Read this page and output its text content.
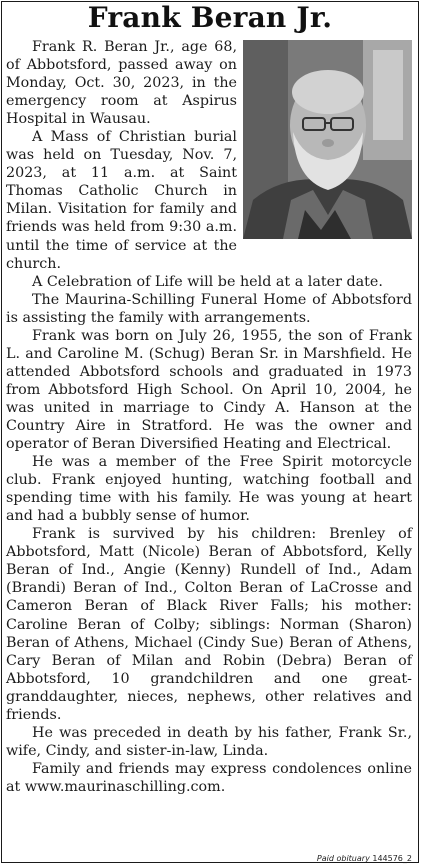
Frank Beran Jr.

Frank R. Beran Jr., age 68, of Abbotsford, passed away on Monday, Oct. 30, 2023, in the emergency room at Aspirus Hospital in Wausau.

A Mass of Christian burial was held on Tuesday, Nov. 7, 2023, at 11 a.m. at Saint Thomas Catholic Church in Milan. Visitation for family and friends was held from 9:30 a.m. until the time of service at the church.

A Celebration of Life will be held at a later date.

The Maurina-Schilling Funeral Home of Abbotsford is assisting the family with arrangements.

Frank was born on July 26, 1955, the son of Frank L. and Caroline M. (Schug) Beran Sr. in Marshfield. He attended Abbotsford schools and graduated in 1973 from Abbotsford High School. On April 10, 2004, he was united in marriage to Cindy A. Hanson at the Country Aire in Stratford. He was the owner and operator of Beran Diversified Heating and Electrical.

He was a member of the Free Spirit motorcycle club. Frank enjoyed hunting, watching football and spending time with his family. He was young at heart and had a bubbly sense of humor.

Frank is survived by his children: Brenley of Abbotsford, Matt (Nicole) Beran of Abbotsford, Kelly Beran of Ind., Angie (Kenny) Rundell of Ind., Adam (Brandi) Beran of Ind., Colton Beran of LaCrosse and Cameron Beran of Black River Falls; his mother: Caroline Beran of Colby; siblings: Norman (Sharon) Beran of Athens, Michael (Cindy Sue) Beran of Athens, Cary Beran of Milan and Robin (Debra) Beran of Abbotsford, 10 grandchildren and one great-granddaughter, nieces, nephews, other relatives and friends.

He was preceded in death by his father, Frank Sr., wife, Cindy, and sister-in-law, Linda.

Family and friends may express condolences online at www.maurinaschilling.com.

Paid obituary 144576_2
